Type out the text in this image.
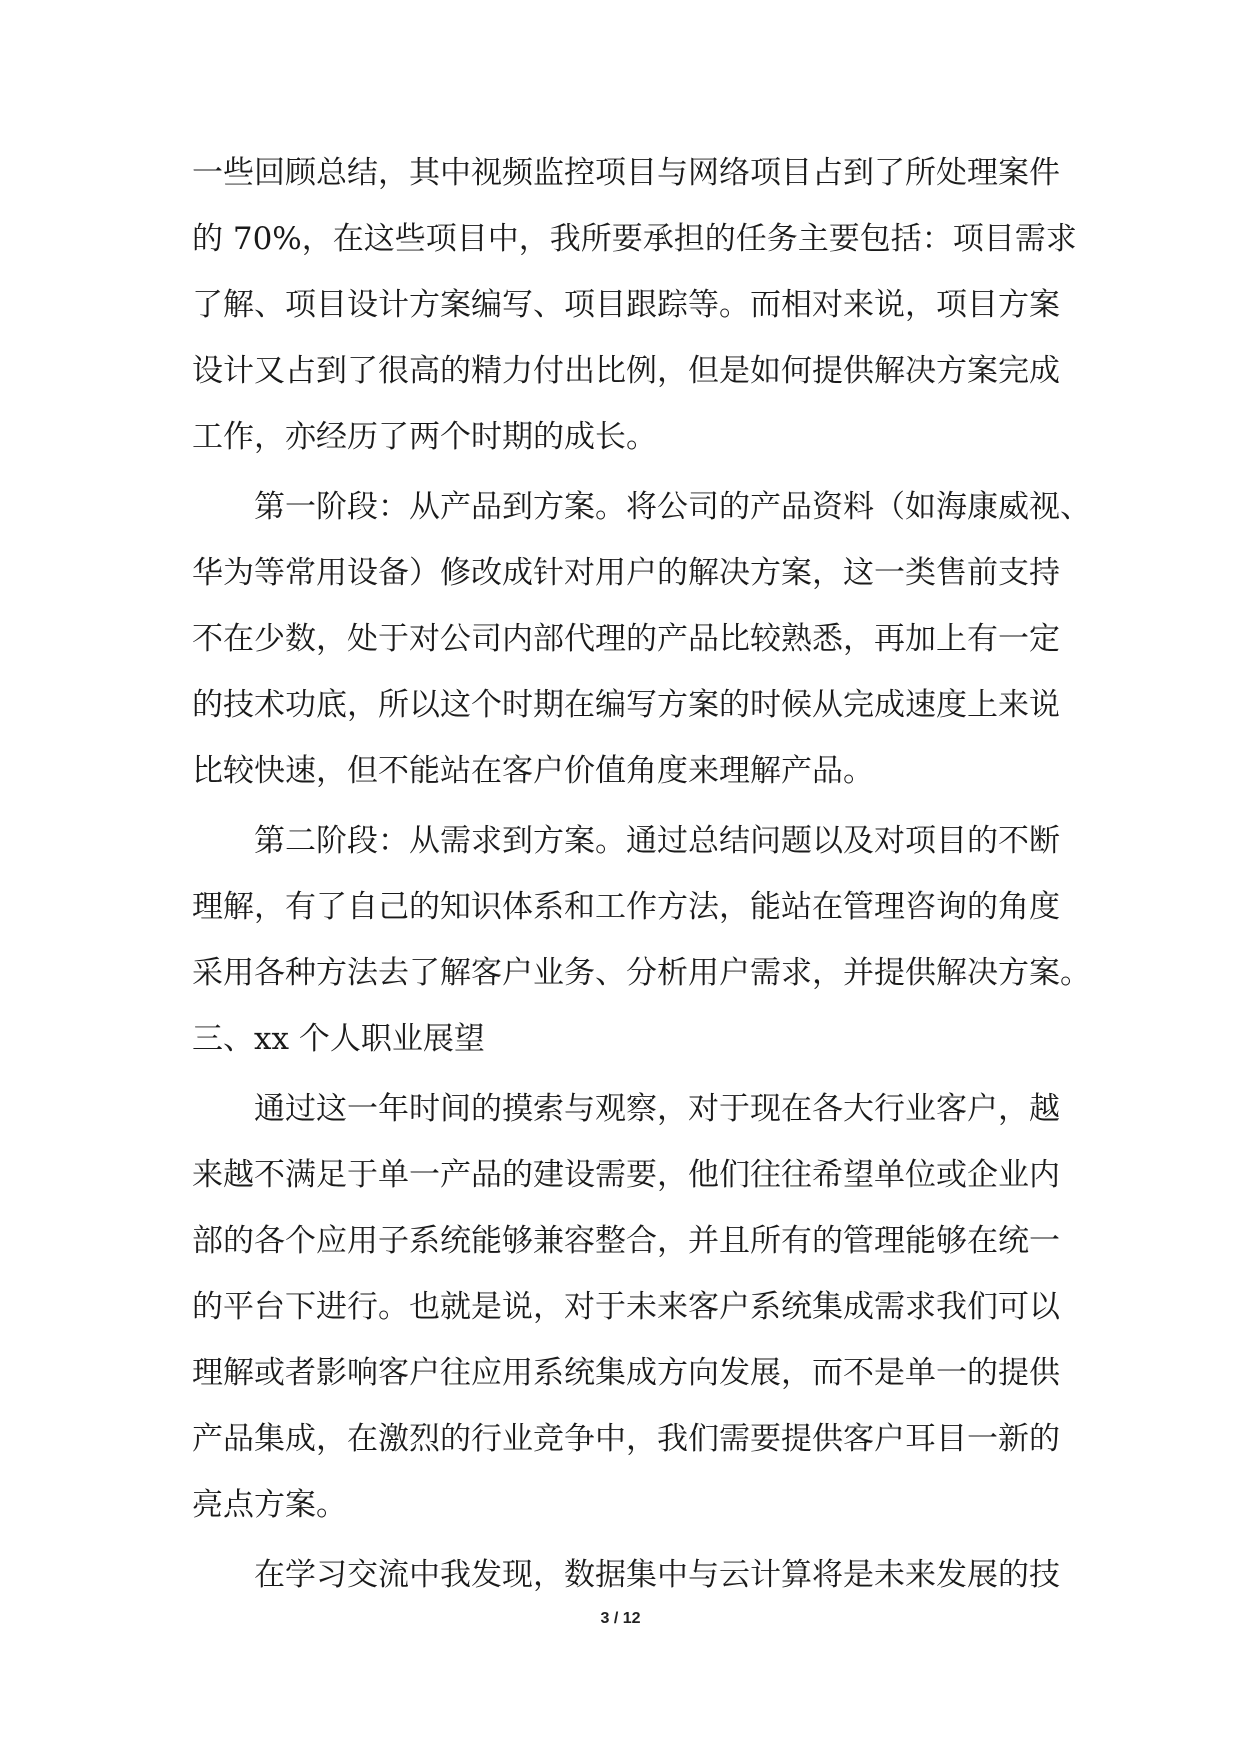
一些回顾总结，其中视频监控项目与网络项目占到了所处理案件
的 70%，在这些项目中，我所要承担的任务主要包括：项目需求
了解、项目设计方案编写、项目跟踪等。而相对来说，项目方案
设计又占到了很高的精力付出比例，但是如何提供解决方案完成
工作，亦经历了两个时期的成长。
第一阶段：从产品到方案。将公司的产品资料（如海康威视、
华为等常用设备）修改成针对用户的解决方案，这一类售前支持
不在少数，处于对公司内部代理的产品比较熟悉，再加上有一定
的技术功底，所以这个时期在编写方案的时候从完成速度上来说
比较快速，但不能站在客户价值角度来理解产品。
第二阶段：从需求到方案。通过总结问题以及对项目的不断
理解，有了自己的知识体系和工作方法，能站在管理咨询的角度
采用各种方法去了解客户业务、分析用户需求，并提供解决方案。
三、xx 个人职业展望
通过这一年时间的摸索与观察，对于现在各大行业客户，越
来越不满足于单一产品的建设需要，他们往往希望单位或企业内
部的各个应用子系统能够兼容整合，并且所有的管理能够在统一
的平台下进行。也就是说，对于未来客户系统集成需求我们可以
理解或者影响客户往应用系统集成方向发展，而不是单一的提供
产品集成，在激烈的行业竞争中，我们需要提供客户耳目一新的
亮点方案。
在学习交流中我发现，数据集中与云计算将是未来发展的技
3 / 12
